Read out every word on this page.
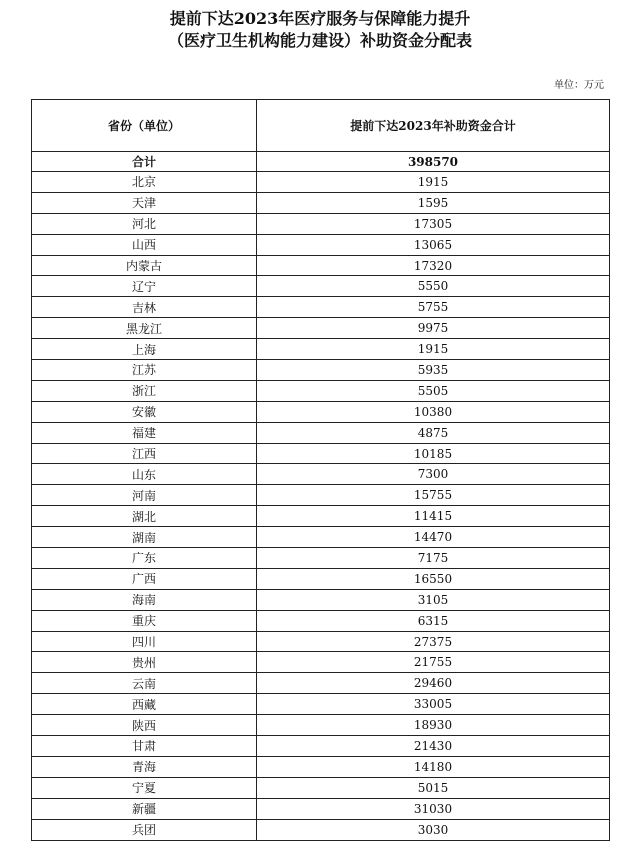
提前下达2023年医疗服务与保障能力提升
（医疗卫生机构能力建设）补助资金分配表
单位：万元
省份（单位）	提前下达2023年补助资金合计
合计	398570
北京	1915
天津	1595
河北	17305
山西	13065
内蒙古	17320
辽宁	5550
吉林	5755
黑龙江	9975
上海	1915
江苏	5935
浙江	5505
安徽	10380
福建	4875
江西	10185
山东	7300
河南	15755
湖北	11415
湖南	14470
广东	7175
广西	16550
海南	3105
重庆	6315
四川	27375
贵州	21755
云南	29460
西藏	33005
陕西	18930
甘肃	21430
青海	14180
宁夏	5015
新疆	31030
兵团	3030
